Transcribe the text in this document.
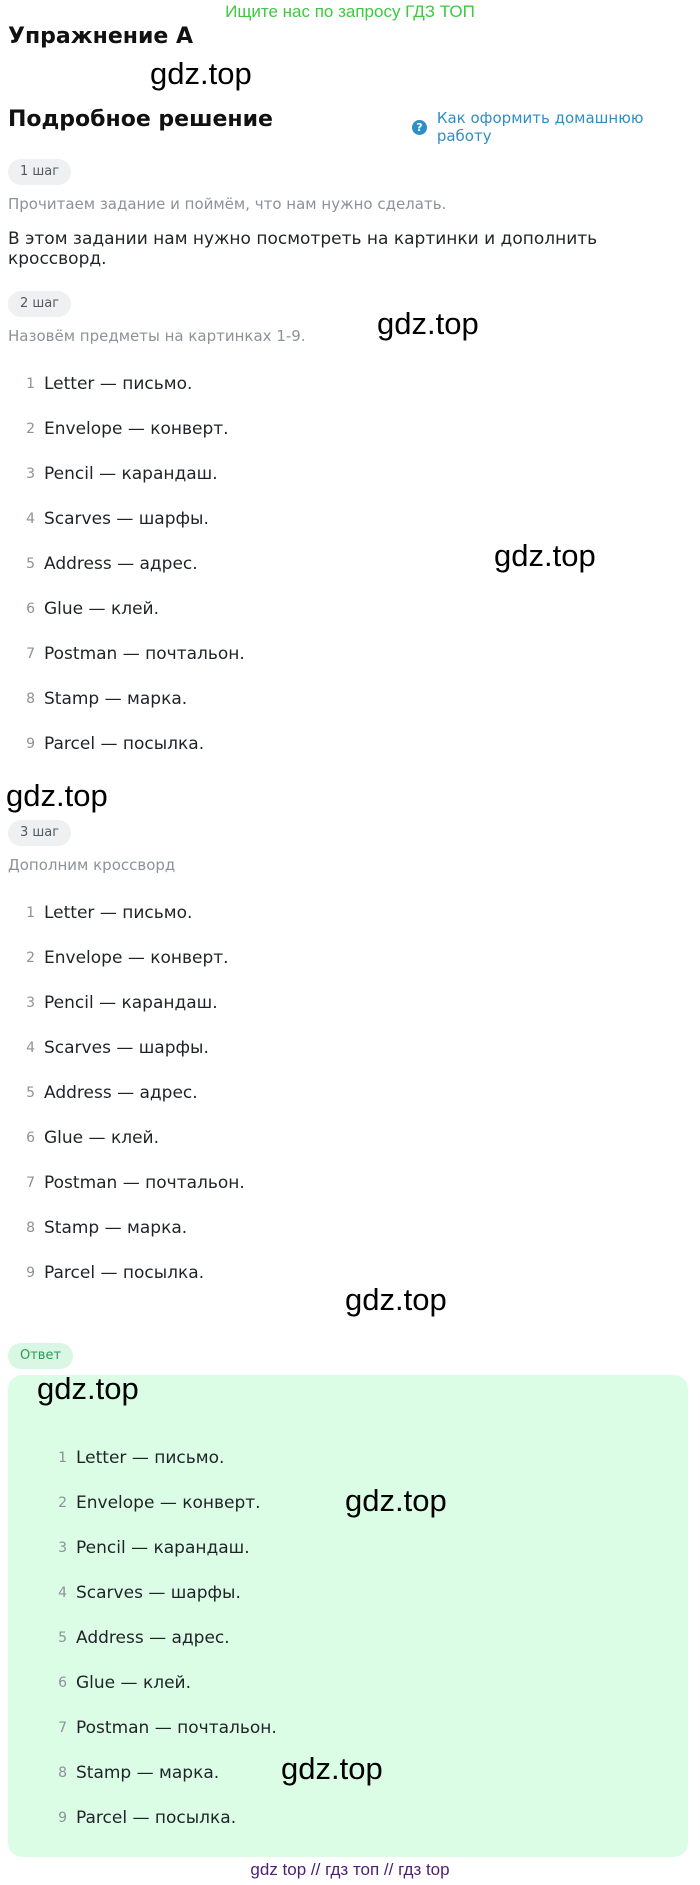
Ищите нас по запросу ГДЗ ТОП
Упражнение A
Подробное решение	? Как оформить домашнюю работу
1 шаг
Прочитаем задание и поймём, что нам нужно сделать.
В этом задании нам нужно посмотреть на картинки и дополнить кроссворд.
2 шаг
Назовём предметы на картинках 1-9.
1 Letter — письмо.
2 Envelope — конверт.
3 Pencil — карандаш.
4 Scarves — шарфы.
5 Address — адрес.
6 Glue — клей.
7 Postman — почтальон.
8 Stamp — марка.
9 Parcel — посылка.
3 шаг
Дополним кроссворд
1 Letter — письмо.
2 Envelope — конверт.
3 Pencil — карандаш.
4 Scarves — шарфы.
5 Address — адрес.
6 Glue — клей.
7 Postman — почтальон.
8 Stamp — марка.
9 Parcel — посылка.
Ответ
1 Letter — письмо.
2 Envelope — конверт.
3 Pencil — карандаш.
4 Scarves — шарфы.
5 Address — адрес.
6 Glue — клей.
7 Postman — почтальон.
8 Stamp — марка.
9 Parcel — посылка.
gdz.top
gdz.top
gdz.top
gdz.top
gdz.top
gdz.top
gdz.top
gdz.top
gdz top // гдз топ // гдз top
